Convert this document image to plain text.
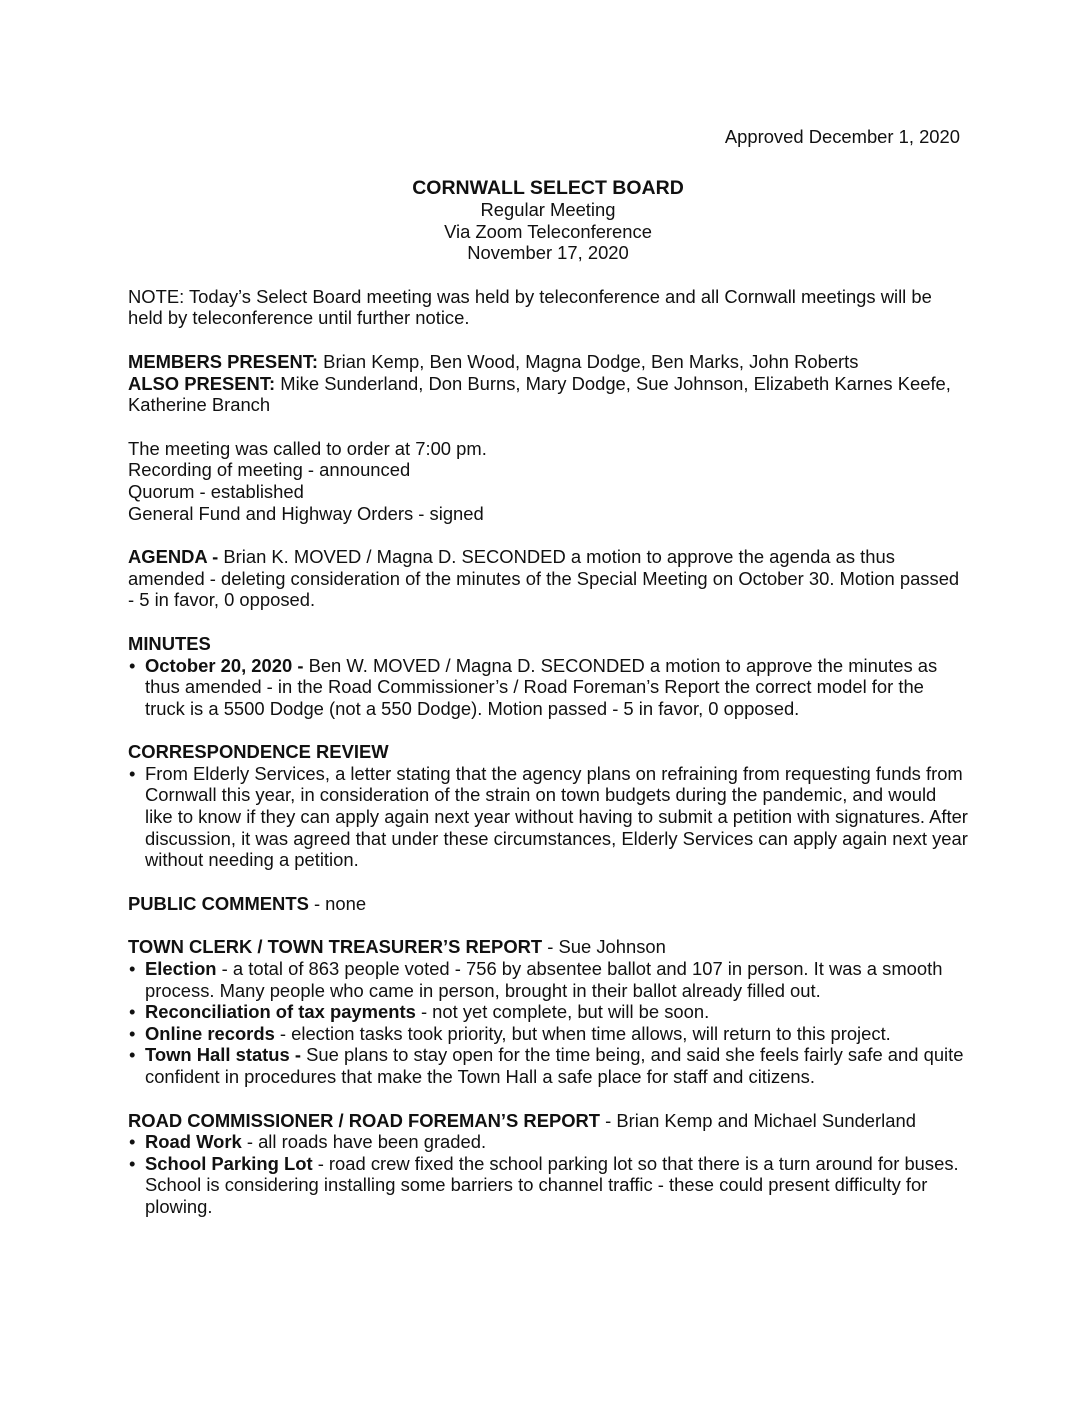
Approved December 1, 2020
CORNWALL SELECT BOARD
Regular Meeting
Via Zoom Teleconference
November 17, 2020

NOTE: Today’s Select Board meeting was held by teleconference and all Cornwall meetings will be held by teleconference until further notice.

MEMBERS PRESENT: Brian Kemp, Ben Wood, Magna Dodge, Ben Marks, John Roberts

ALSO PRESENT: Mike Sunderland, Don Burns, Mary Dodge, Sue Johnson, Elizabeth Karnes Keefe, Katherine Branch

The meeting was called to order at 7:00 pm.

Recording of meeting - announced

Quorum - established

General Fund and Highway Orders - signed

AGENDA - Brian K. MOVED / Magna D. SECONDED a motion to approve the agenda as thus amended - deleting consideration of the minutes of the Special Meeting on October 30. Motion passed - 5 in favor, 0 opposed.

MINUTES

• October 20, 2020 - Ben W. MOVED / Magna D. SECONDED a motion to approve the minutes as thus amended - in the Road Commissioner’s / Road Foreman’s Report the correct model for the truck is a 5500 Dodge (not a 550 Dodge). Motion passed - 5 in favor, 0 opposed.

CORRESPONDENCE REVIEW

• From Elderly Services, a letter stating that the agency plans on refraining from requesting funds from Cornwall this year, in consideration of the strain on town budgets during the pandemic, and would like to know if they can apply again next year without having to submit a petition with signatures. After discussion, it was agreed that under these circumstances, Elderly Services can apply again next year without needing a petition.

PUBLIC COMMENTS - none

TOWN CLERK / TOWN TREASURER’S REPORT - Sue Johnson

• Election - a total of 863 people voted - 756 by absentee ballot and 107 in person. It was a smooth process. Many people who came in person, brought in their ballot already filled out.
• Reconciliation of tax payments - not yet complete, but will be soon.
• Online records - election tasks took priority, but when time allows, will return to this project.
• Town Hall status - Sue plans to stay open for the time being, and said she feels fairly safe and quite confident in procedures that make the Town Hall a safe place for staff and citizens.

ROAD COMMISSIONER / ROAD FOREMAN’S REPORT - Brian Kemp and Michael Sunderland

• Road Work - all roads have been graded.
• School Parking Lot - road crew fixed the school parking lot so that there is a turn around for buses. School is considering installing some barriers to channel traffic - these could present difficulty for plowing.
